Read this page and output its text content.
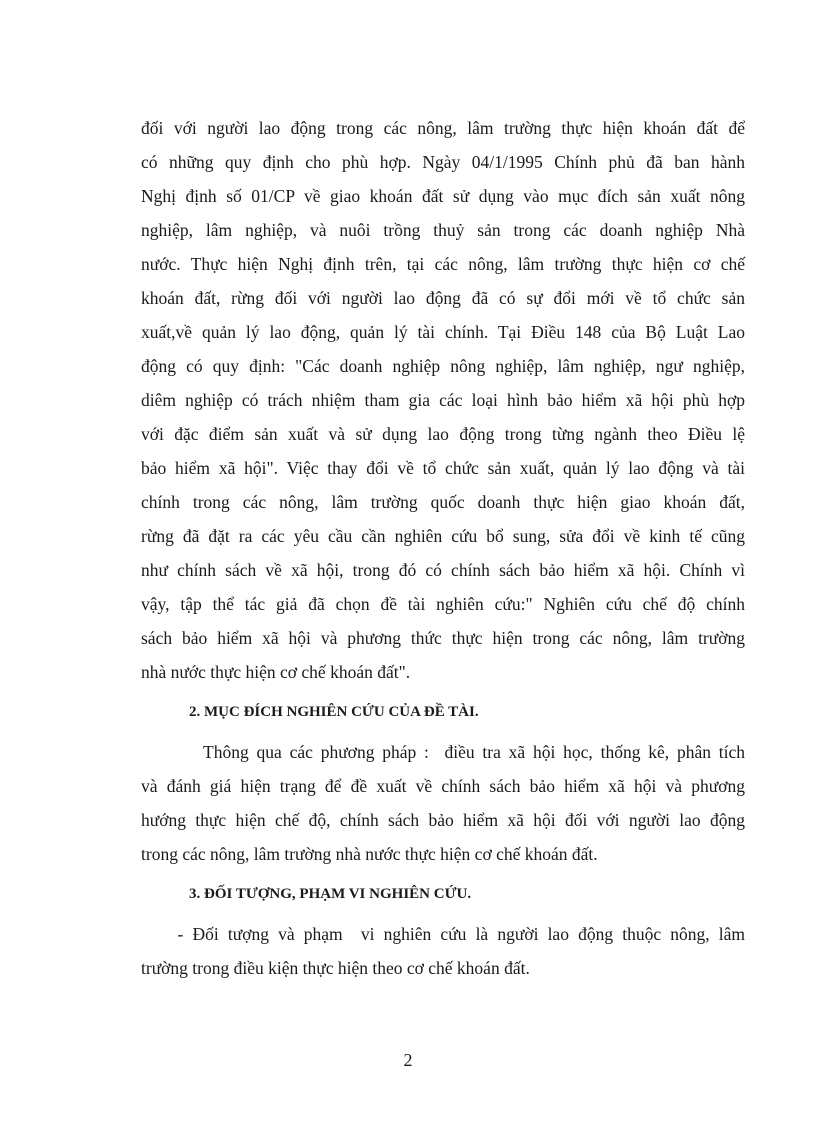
đối với người lao động trong các nông, lâm trường thực hiện khoán đất để
có những quy định cho phù hợp. Ngày 04/1/1995 Chính phủ đã ban hành
Nghị định số 01/CP về giao khoán đất sử dụng vào mục đích sản xuất nông
nghiệp, lâm nghiệp, và nuôi trồng thuỷ sản trong các doanh nghiệp Nhà
nước. Thực hiện Nghị định trên, tại các nông, lâm trường thực hiện cơ chế
khoán đất, rừng đối với người lao động đã có sự đổi mới về tổ chức sản
xuất,về quản lý lao động, quản lý tài chính. Tại Điều 148 của Bộ Luật Lao
động có quy định: "Các doanh nghiệp nông nghiệp, lâm nghiệp, ngư nghiệp,
diêm nghiệp có trách nhiệm tham gia các loại hình bảo hiểm xã hội phù hợp
với đặc điểm sản xuất và sử dụng lao động trong từng ngành theo Điều lệ
bảo hiểm xã hội". Việc thay đổi về tổ chức sản xuất, quản lý lao động và tài
chính trong các nông, lâm trường quốc doanh thực hiện giao khoán đất,
rừng đã đặt ra các yêu cầu cần nghiên cứu bổ sung, sửa đổi về kinh tế cũng
như chính sách về xã hội, trong đó có chính sách bảo hiểm xã hội. Chính vì
vậy, tập thể tác giả đã chọn đề tài nghiên cứu:" Nghiên cứu chế độ chính
sách bảo hiểm xã hội và phương thức thực hiện trong các nông, lâm trường
nhà nước thực hiện cơ chế khoán đất".
2. MỤC ĐÍCH NGHIÊN CỨU CỦA ĐỀ TÀI.
Thông qua các phương pháp :  điều tra xã hội học, thống kê, phân tích
và đánh giá hiện trạng để đề xuất về chính sách bảo hiểm xã hội và phương
hướng thực hiện chế độ, chính sách bảo hiểm xã hội đối với người lao động
trong các nông, lâm trường nhà nước thực hiện cơ chế khoán đất.
3. ĐỐI TƯỢNG, PHẠM VI NGHIÊN CỨU.
- Đối tượng và phạm  vi nghiên cứu là người lao động thuộc nông, lâm
trường trong điều kiện thực hiện theo cơ chế khoán đất.
2
